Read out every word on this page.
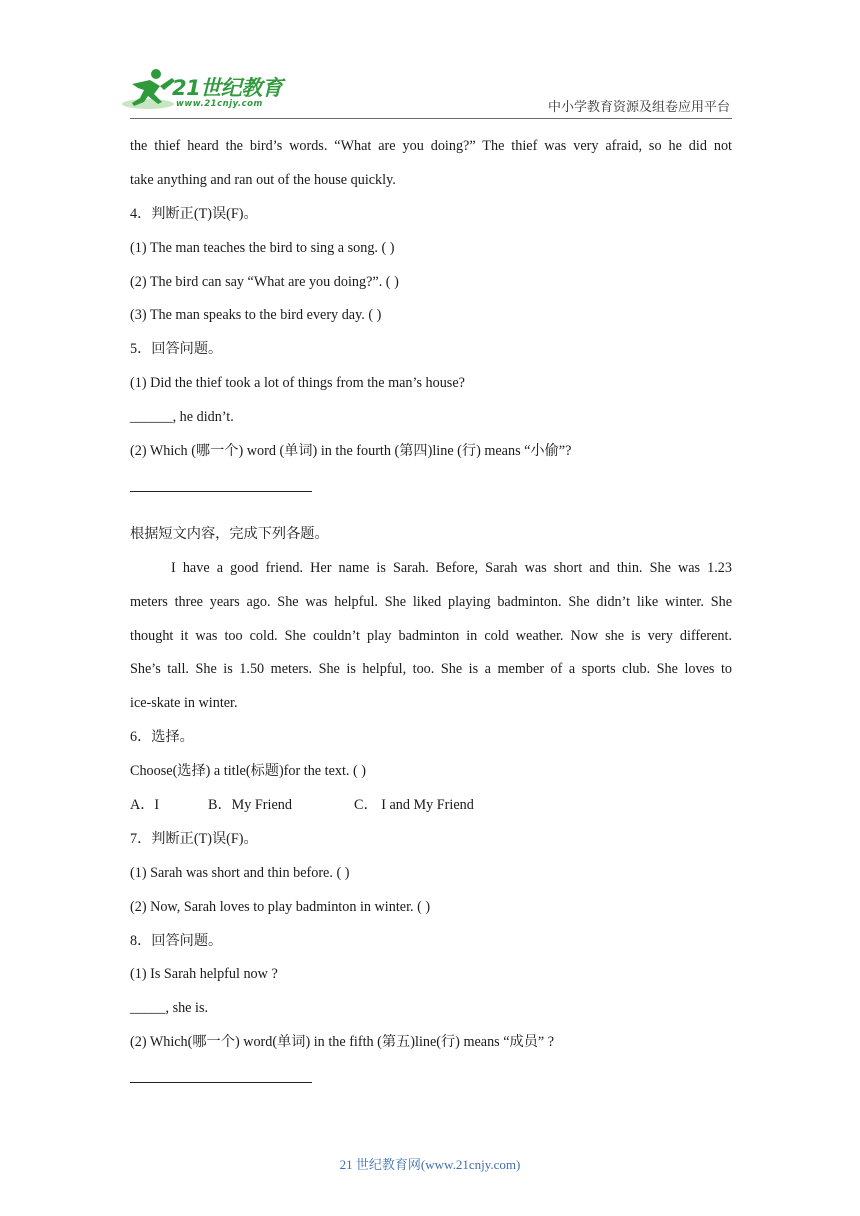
21世纪教育
www.21cnjy.com	中小学教育资源及组卷应用平台
the thief heard the bird’s words. “What are you doing?” The thief was very afraid, so he did not
take anything and ran out of the house quickly.
4．判断正(T)误(F)。
(1) The man teaches the bird to sing a song. ( )
(2) The bird can say “What are you doing?”. ( )
(3) The man speaks to the bird every day. ( )
5．回答问题。
(1) Did the thief took a lot of things from the man’s house?
______, he didn’t.
(2) Which (哪一个) word (单词) in the fourth (第四)line (行) means “小偷”?
根据短文内容，完成下列各题。
I have a good friend. Her name is Sarah. Before, Sarah was short and thin. She was 1.23
meters three years ago. She was helpful. She liked playing badminton. She didn’t like winter. She
thought it was too cold. She couldn’t play badminton in cold weather. Now she is very different.
She’s tall. She is 1.50 meters. She is helpful, too. She is a member of a sports club. She loves to
ice-skate in winter.
6．选择。
Choose(选择) a title(标题)for the text. ( )
A．I	B．My Friend	C． I and My Friend
7．判断正(T)误(F)。
(1) Sarah was short and thin before. ( )
(2) Now, Sarah loves to play badminton in winter. ( )
8．回答问题。
(1) Is Sarah helpful now ?
_____, she is.
(2) Which(哪一个) word(单词) in the fifth (第五)line(行) means “成员” ?
21 世纪教育网(www.21cnjy.com)
